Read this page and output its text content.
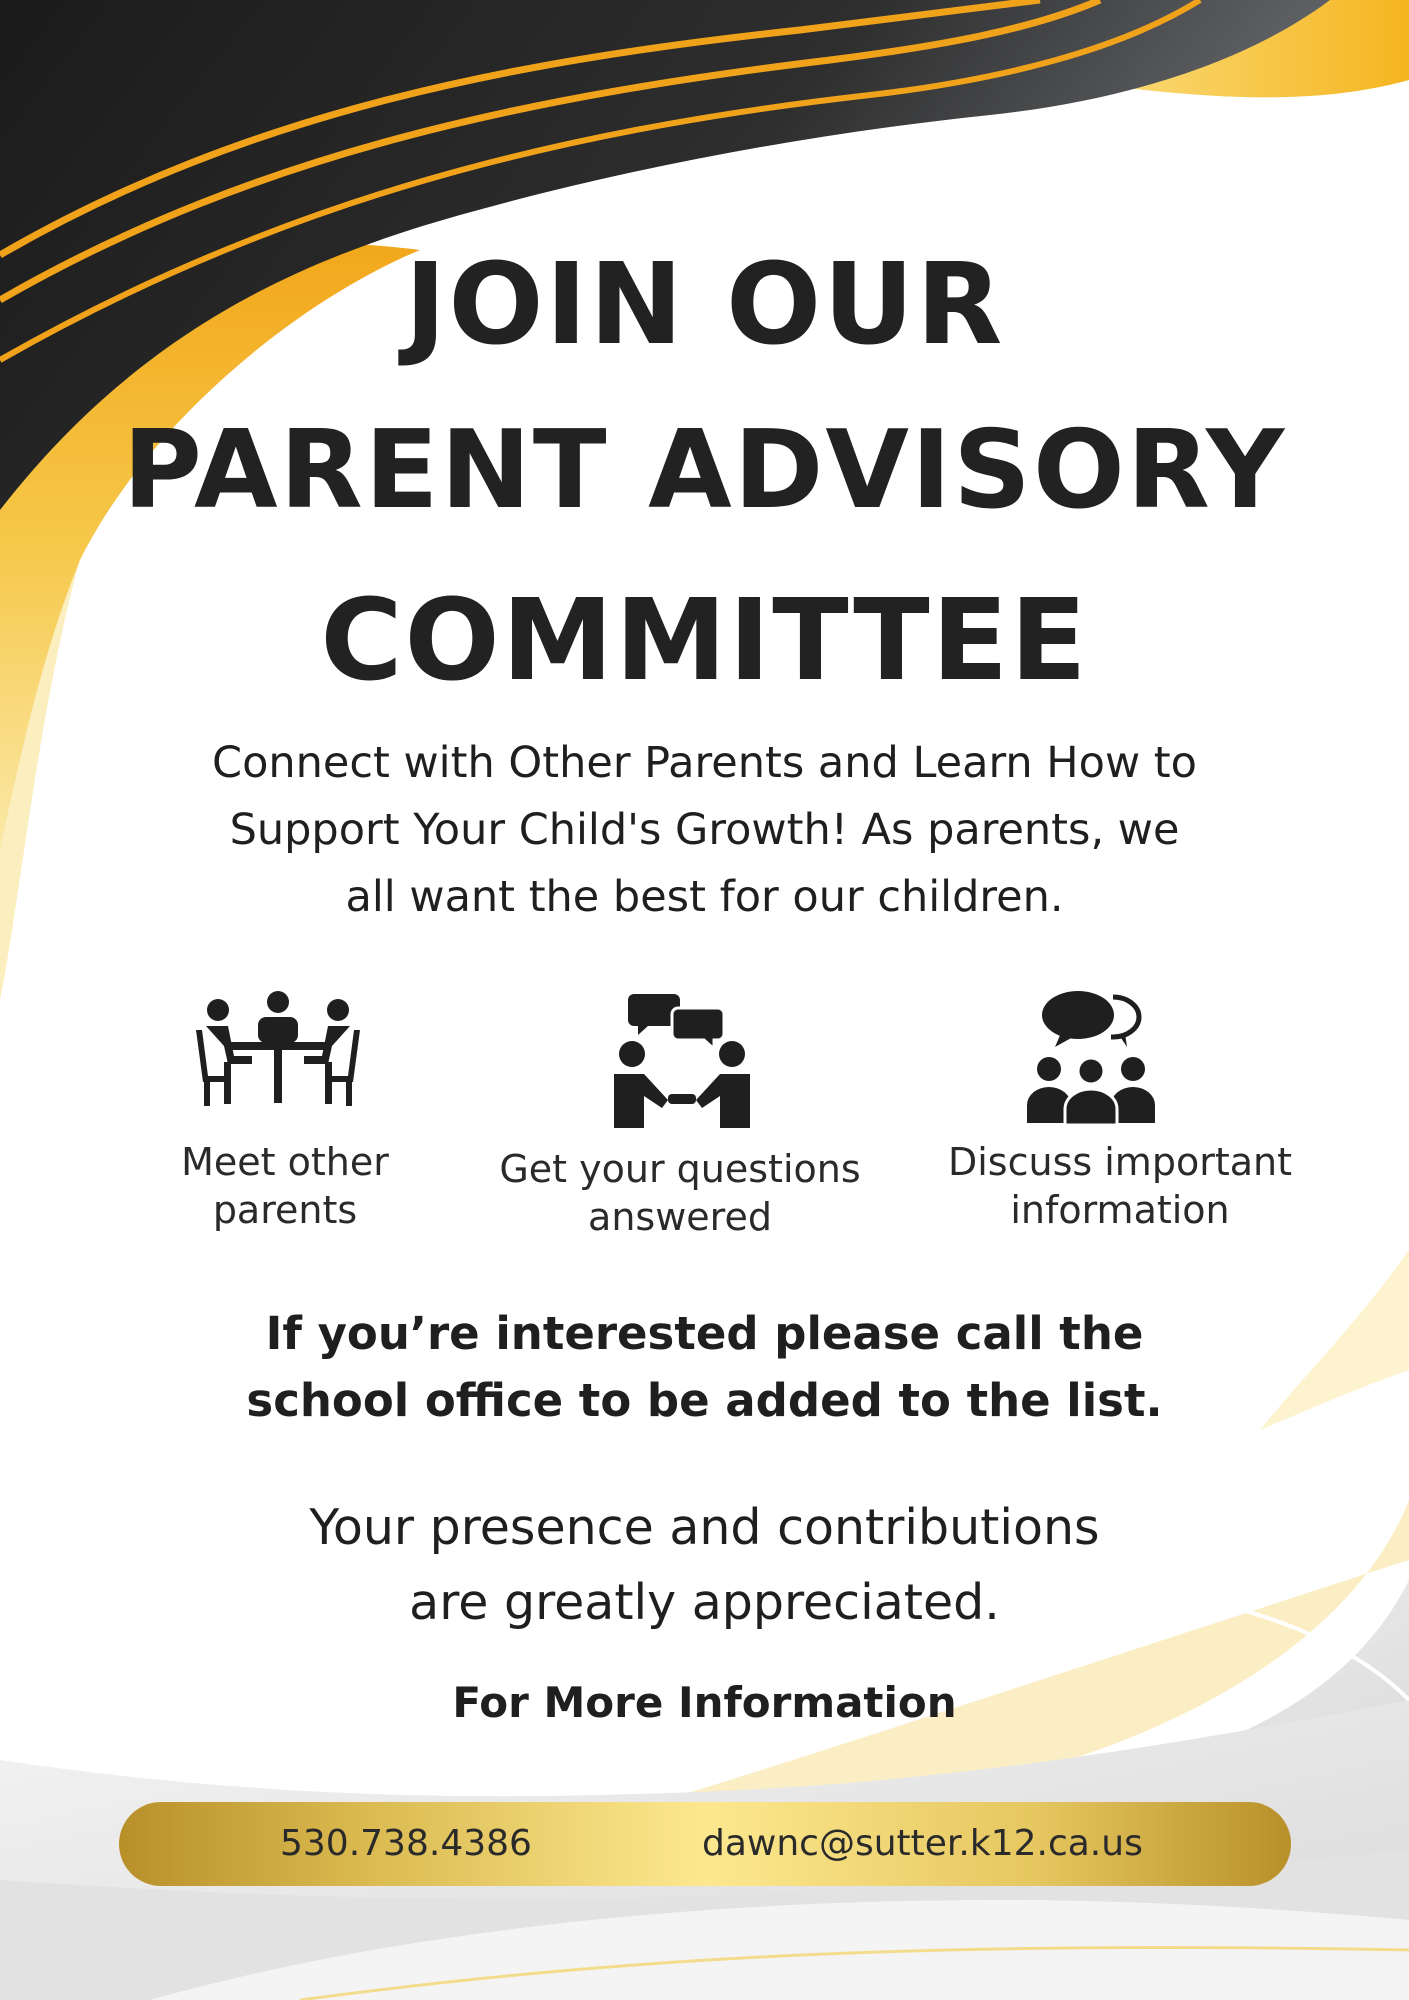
JOIN OUR
PARENT ADVISORY
COMMITTEE
Connect with Other Parents and Learn How to
Support Your Child's Growth! As parents, we
all want the best for our children.
Meet other
parents
Get your questions
answered
Discuss important
information
If you’re interested please call the
school office to be added to the list.
Your presence and contributions
are greatly appreciated.
For More Information
530.738.4386	dawnc@sutter.k12.ca.us
